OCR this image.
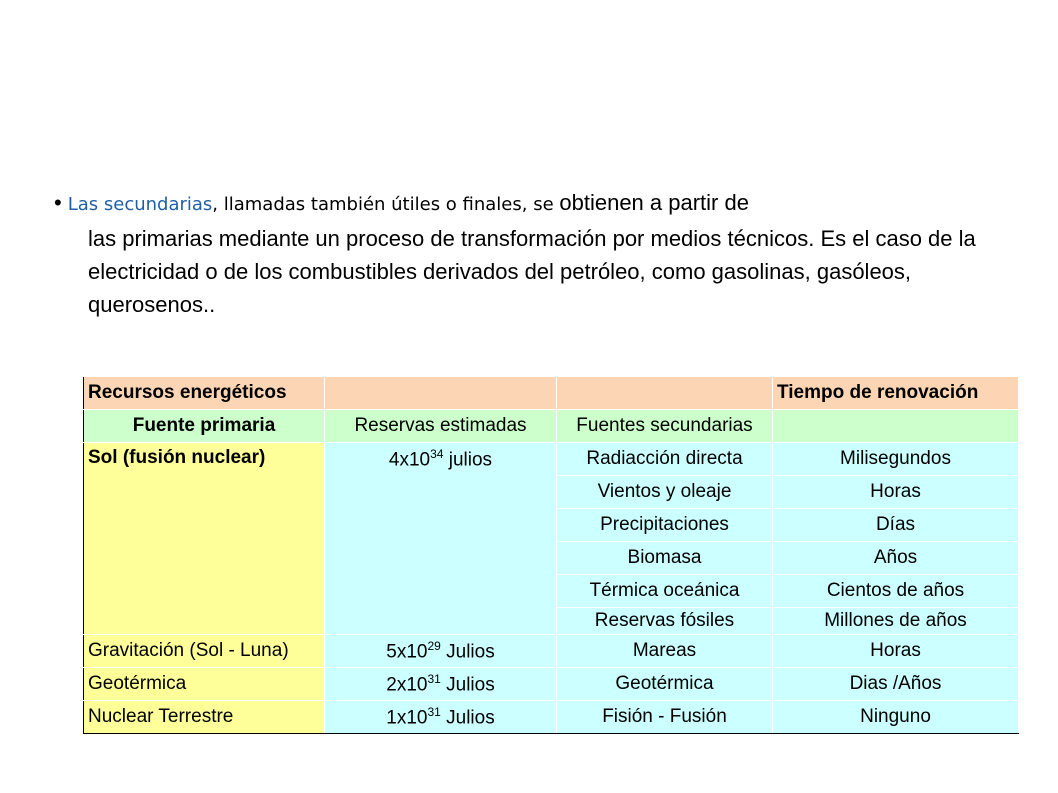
• Las secundarias, llamadas también útiles o finales, se obtienen a partir de
las primarias mediante un proceso de transformación por medios técnicos. Es el caso de la electricidad o de los combustibles derivados del petróleo, como gasolinas, gasóleos, querosenos..
Recursos energéticos			Tiempo de renovación
Fuente primaria	Reservas estimadas	Fuentes secundarias	
Sol (fusión nuclear)	$4x10^{34}$ julios	Radiacción directa	Milisegundos
		Vientos y oleaje	Horas
		Precipitaciones	Días
		Biomasa	Años
		Térmica oceánica	Cientos de años
		Reservas fósiles	Millones de años
Gravitación (Sol - Luna)	$5x10^{29}$ Julios	Mareas	Horas
Geotérmica	$2x10^{31}$ Julios	Geotérmica	Dias /Años
Nuclear Terrestre	$1x10^{31}$ Julios	Fisión - Fusión	Ninguno
